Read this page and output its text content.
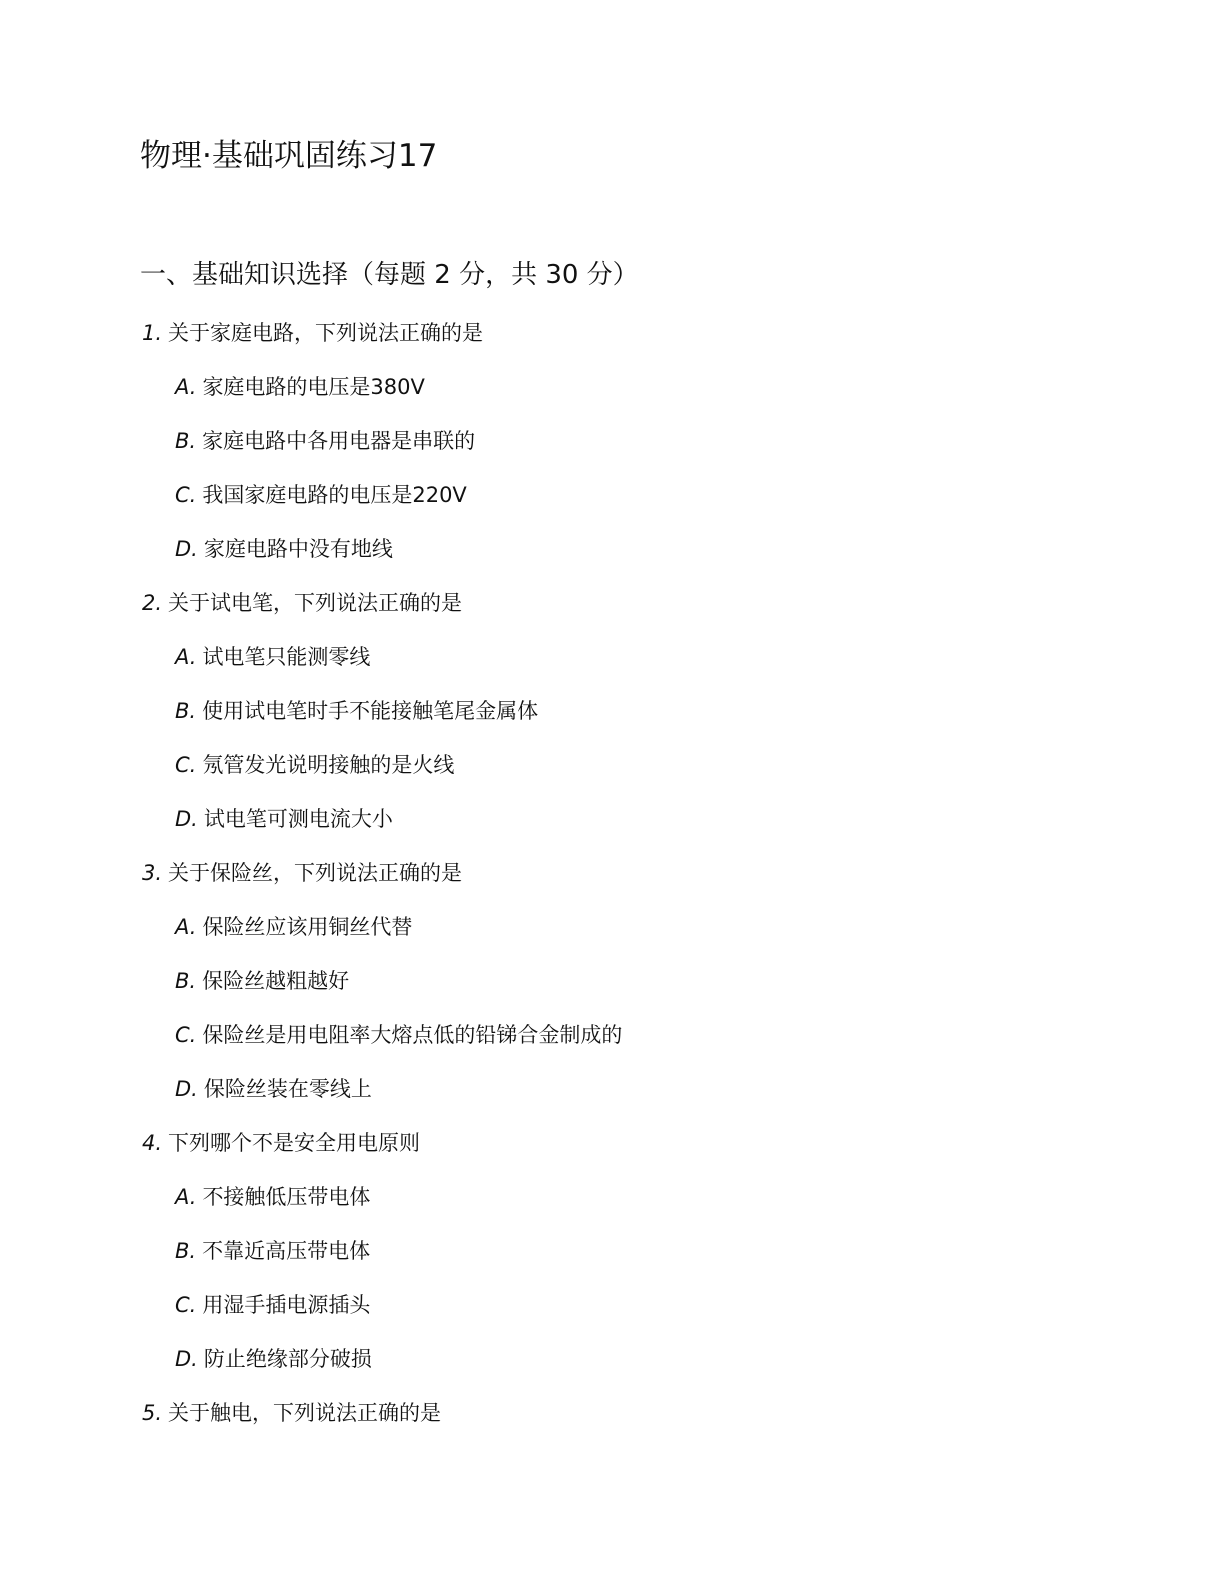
物理·基础巩固练习17
一、基础知识选择（每题 2 分，共 30 分）
1. 关于家庭电路，下列说法正确的是
A. 家庭电路的电压是380V
B. 家庭电路中各用电器是串联的
C. 我国家庭电路的电压是220V
D. 家庭电路中没有地线
2. 关于试电笔，下列说法正确的是
A. 试电笔只能测零线
B. 使用试电笔时手不能接触笔尾金属体
C. 氖管发光说明接触的是火线
D. 试电笔可测电流大小
3. 关于保险丝，下列说法正确的是
A. 保险丝应该用铜丝代替
B. 保险丝越粗越好
C. 保险丝是用电阻率大熔点低的铅锑合金制成的
D. 保险丝装在零线上
4. 下列哪个不是安全用电原则
A. 不接触低压带电体
B. 不靠近高压带电体
C. 用湿手插电源插头
D. 防止绝缘部分破损
5. 关于触电，下列说法正确的是
